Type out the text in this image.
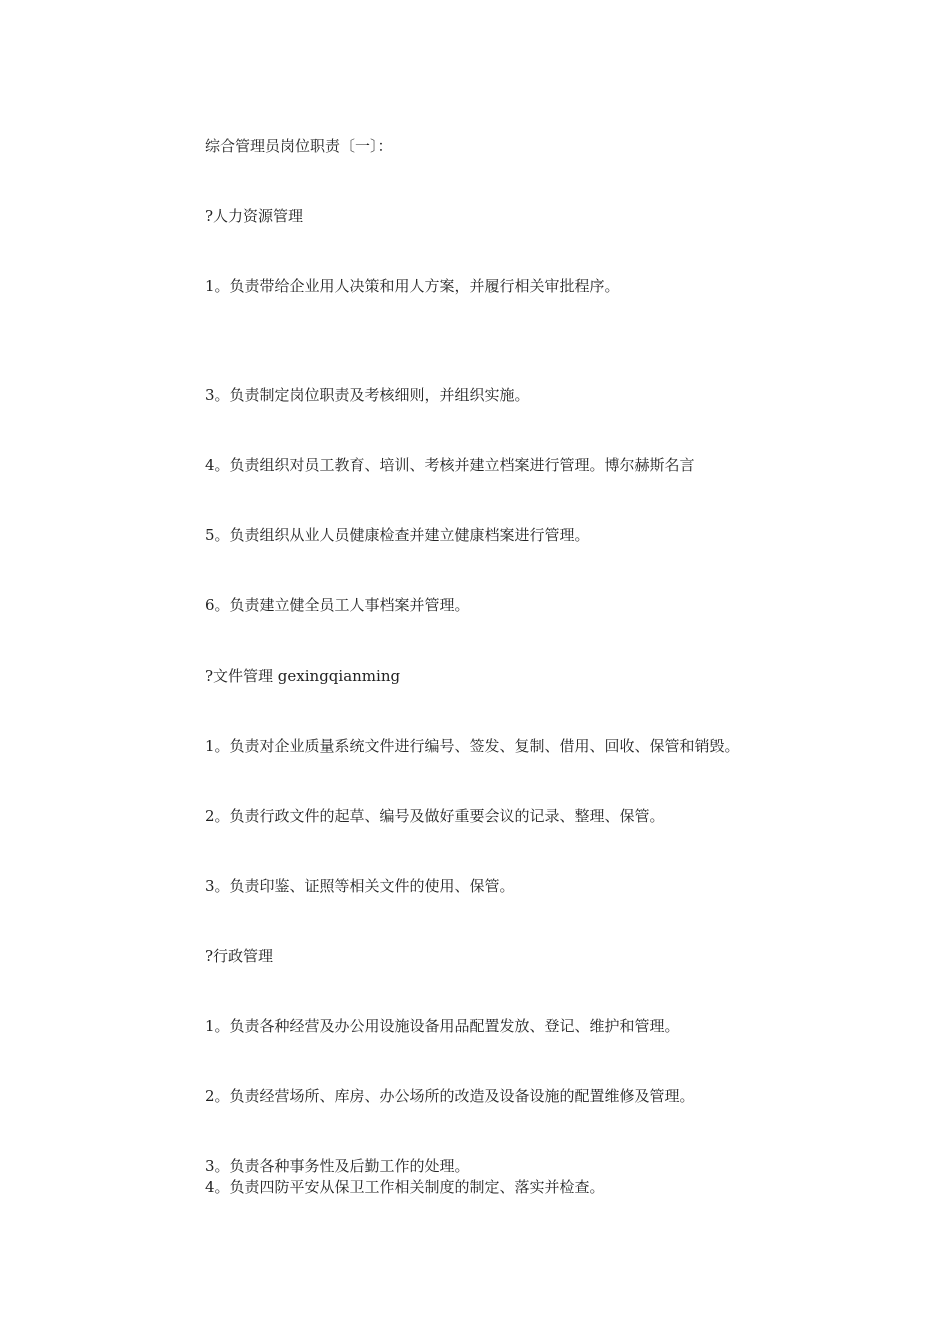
综合管理员岗位职责〔一〕：
?人力资源管理
1。负责带给企业用人决策和用人方案，并履行相关审批程序。
3。负责制定岗位职责及考核细则，并组织实施。
4。负责组织对员工教育、培训、考核并建立档案进行管理。博尔赫斯名言
5。负责组织从业人员健康检查并建立健康档案进行管理。
6。负责建立健全员工人事档案并管理。
?文件管理 gexingqianming
1。负责对企业质量系统文件进行编号、签发、复制、借用、回收、保管和销毁。
2。负责行政文件的起草、编号及做好重要会议的记录、整理、保管。
3。负责印鉴、证照等相关文件的使用、保管。
?行政管理
1。负责各种经营及办公用设施设备用品配置发放、登记、维护和管理。
2。负责经营场所、库房、办公场所的改造及设备设施的配置维修及管理。
3。负责各种事务性及后勤工作的处理。
4。负责四防平安从保卫工作相关制度的制定、落实并检查。
